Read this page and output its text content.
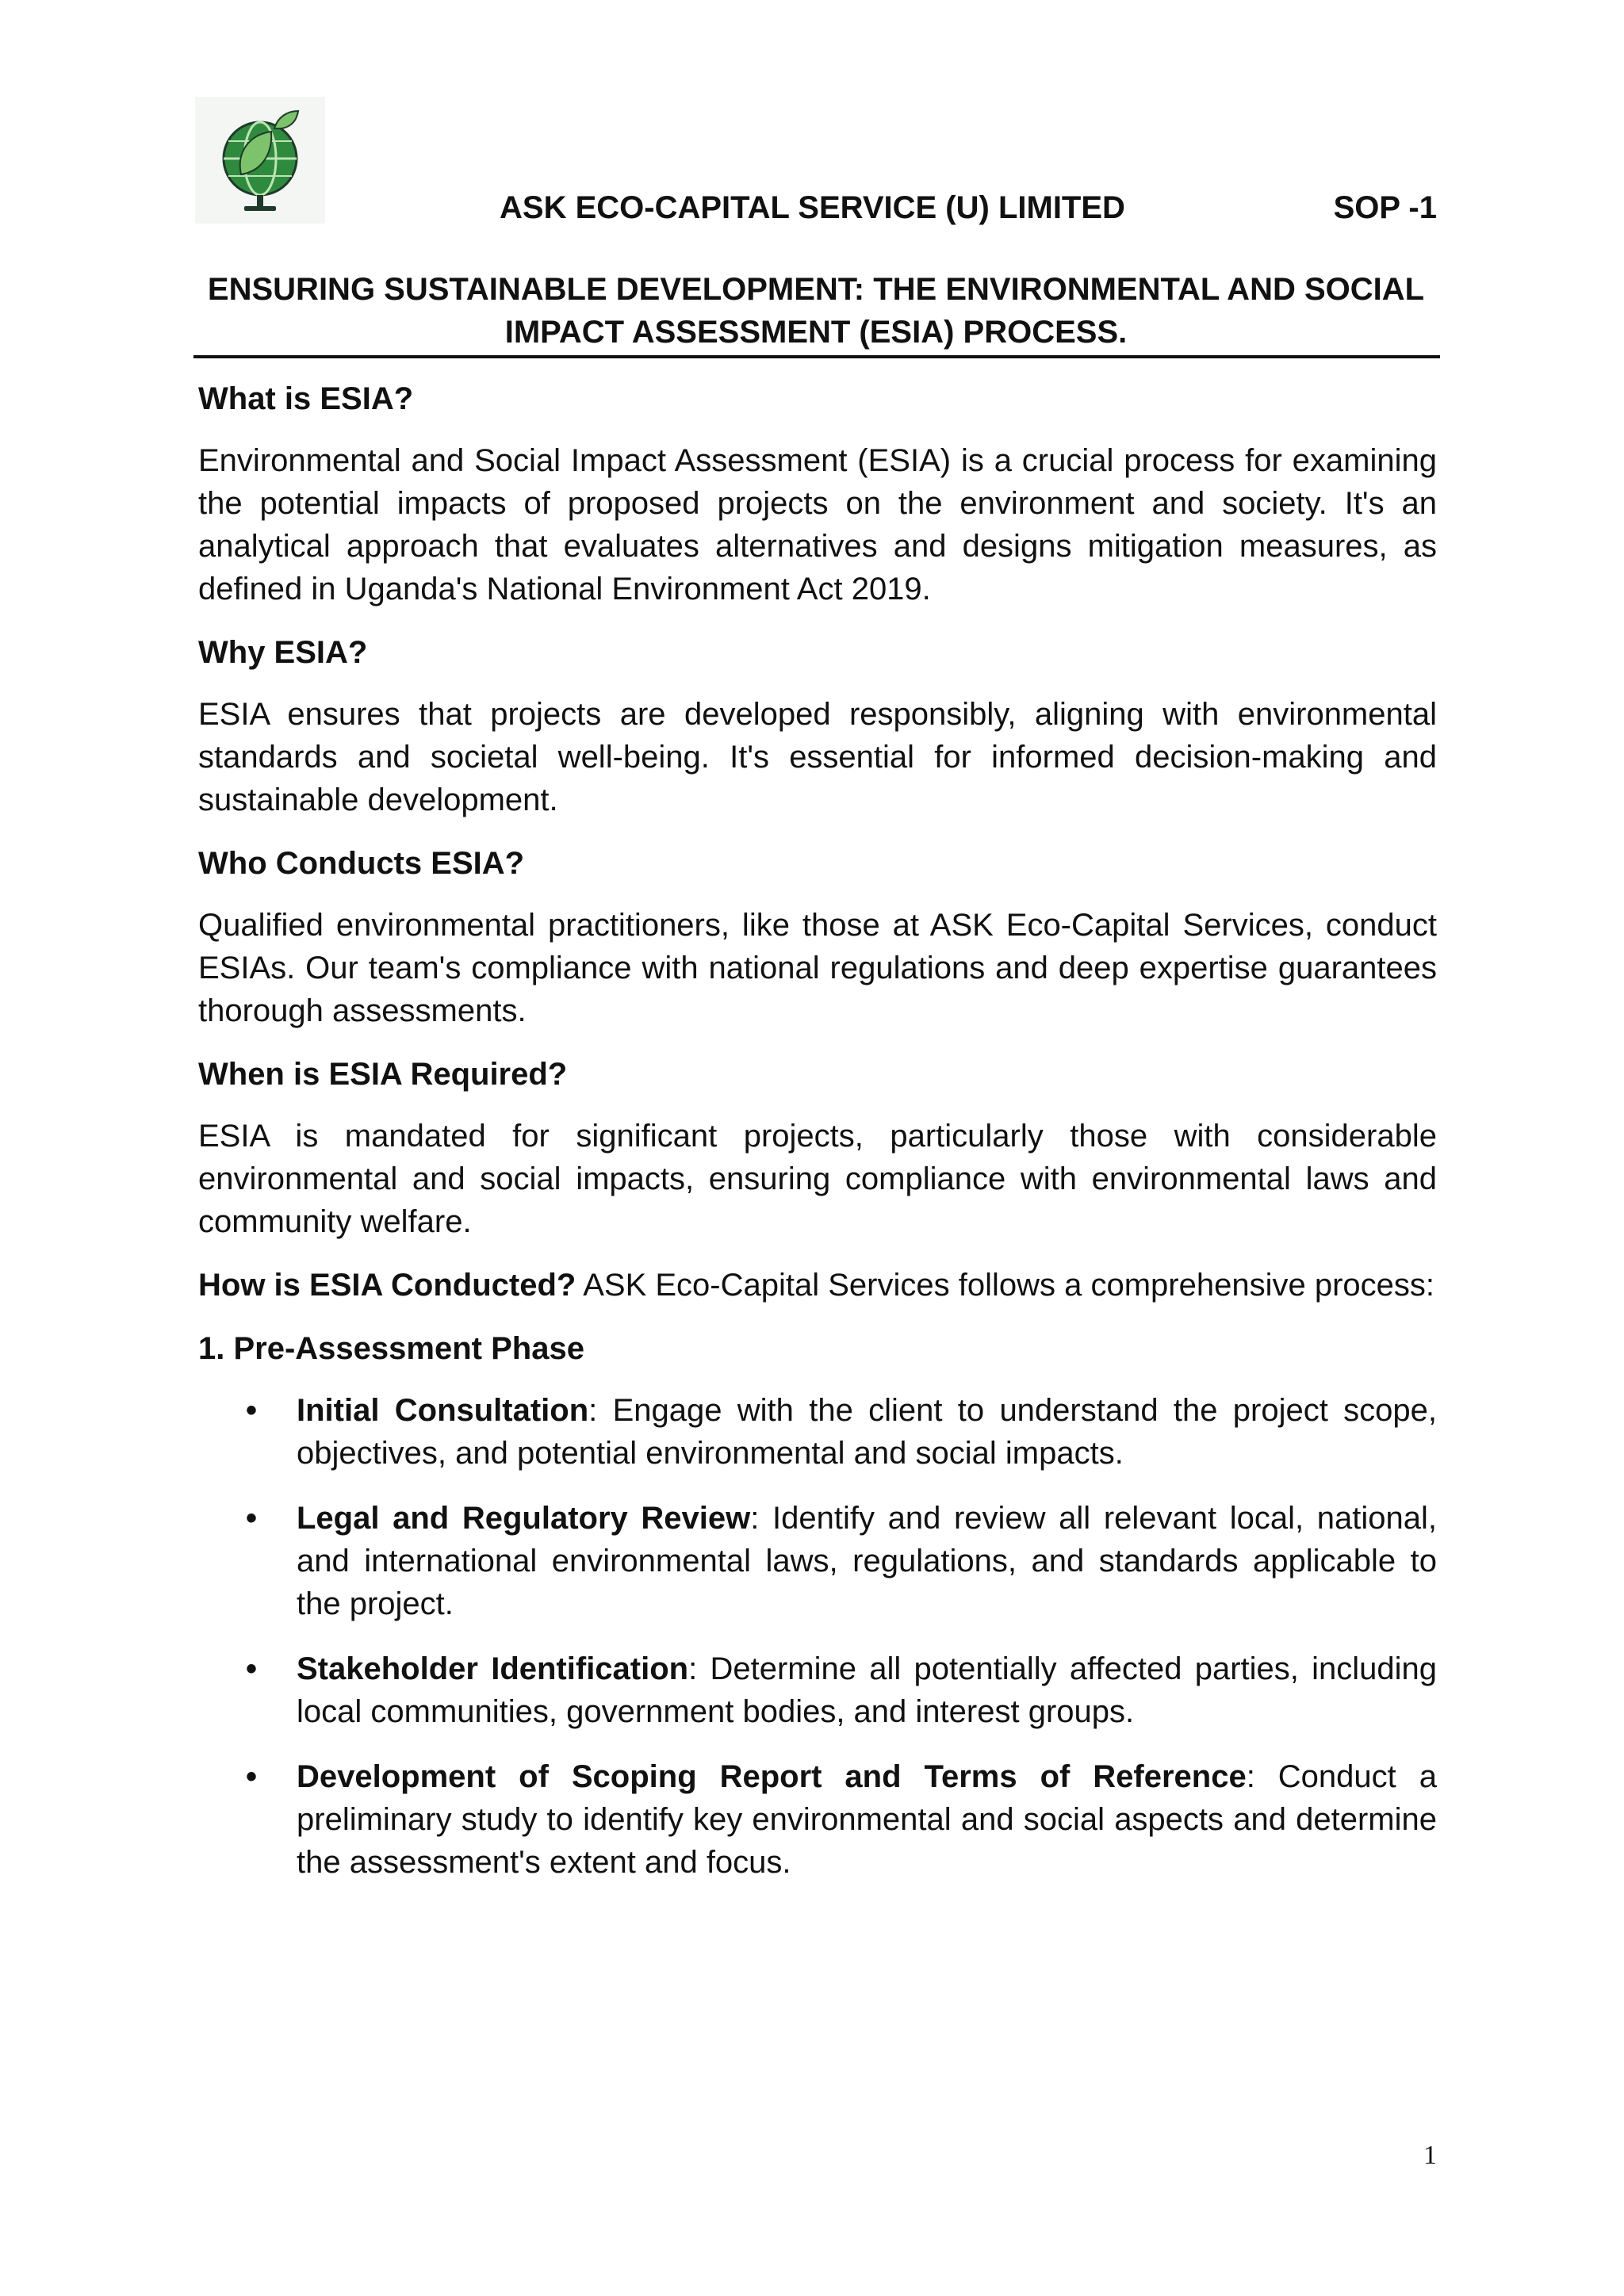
ASK ECO-CAPITAL SERVICE (U) LIMITED	SOP -1
ENSURING SUSTAINABLE DEVELOPMENT: THE ENVIRONMENTAL AND SOCIAL
IMPACT ASSESSMENT (ESIA) PROCESS.
What is ESIA?

Environmental and Social Impact Assessment (ESIA) is a crucial process for examining the potential impacts of proposed projects on the environment and society. It's an analytical approach that evaluates alternatives and designs mitigation measures, as defined in Uganda's National Environment Act 2019.

Why ESIA?

ESIA ensures that projects are developed responsibly, aligning with environmental standards and societal well-being. It's essential for informed decision-making and sustainable development.

Who Conducts ESIA?

Qualified environmental practitioners, like those at ASK Eco-Capital Services, conduct ESIAs. Our team's compliance with national regulations and deep expertise guarantees thorough assessments.

When is ESIA Required?

ESIA is mandated for significant projects, particularly those with considerable environmental and social impacts, ensuring compliance with environmental laws and community welfare.

How is ESIA Conducted? ASK Eco-Capital Services follows a comprehensive process:

1. Pre-Assessment Phase
• Initial Consultation: Engage with the client to understand the project scope, objectives, and potential environmental and social impacts.
• Legal and Regulatory Review: Identify and review all relevant local, national, and international environmental laws, regulations, and standards applicable to the project.
• Stakeholder Identification: Determine all potentially affected parties, including local communities, government bodies, and interest groups.
• Development of Scoping Report and Terms of Reference: Conduct a preliminary study to identify key environmental and social aspects and determine the assessment's extent and focus.
1
